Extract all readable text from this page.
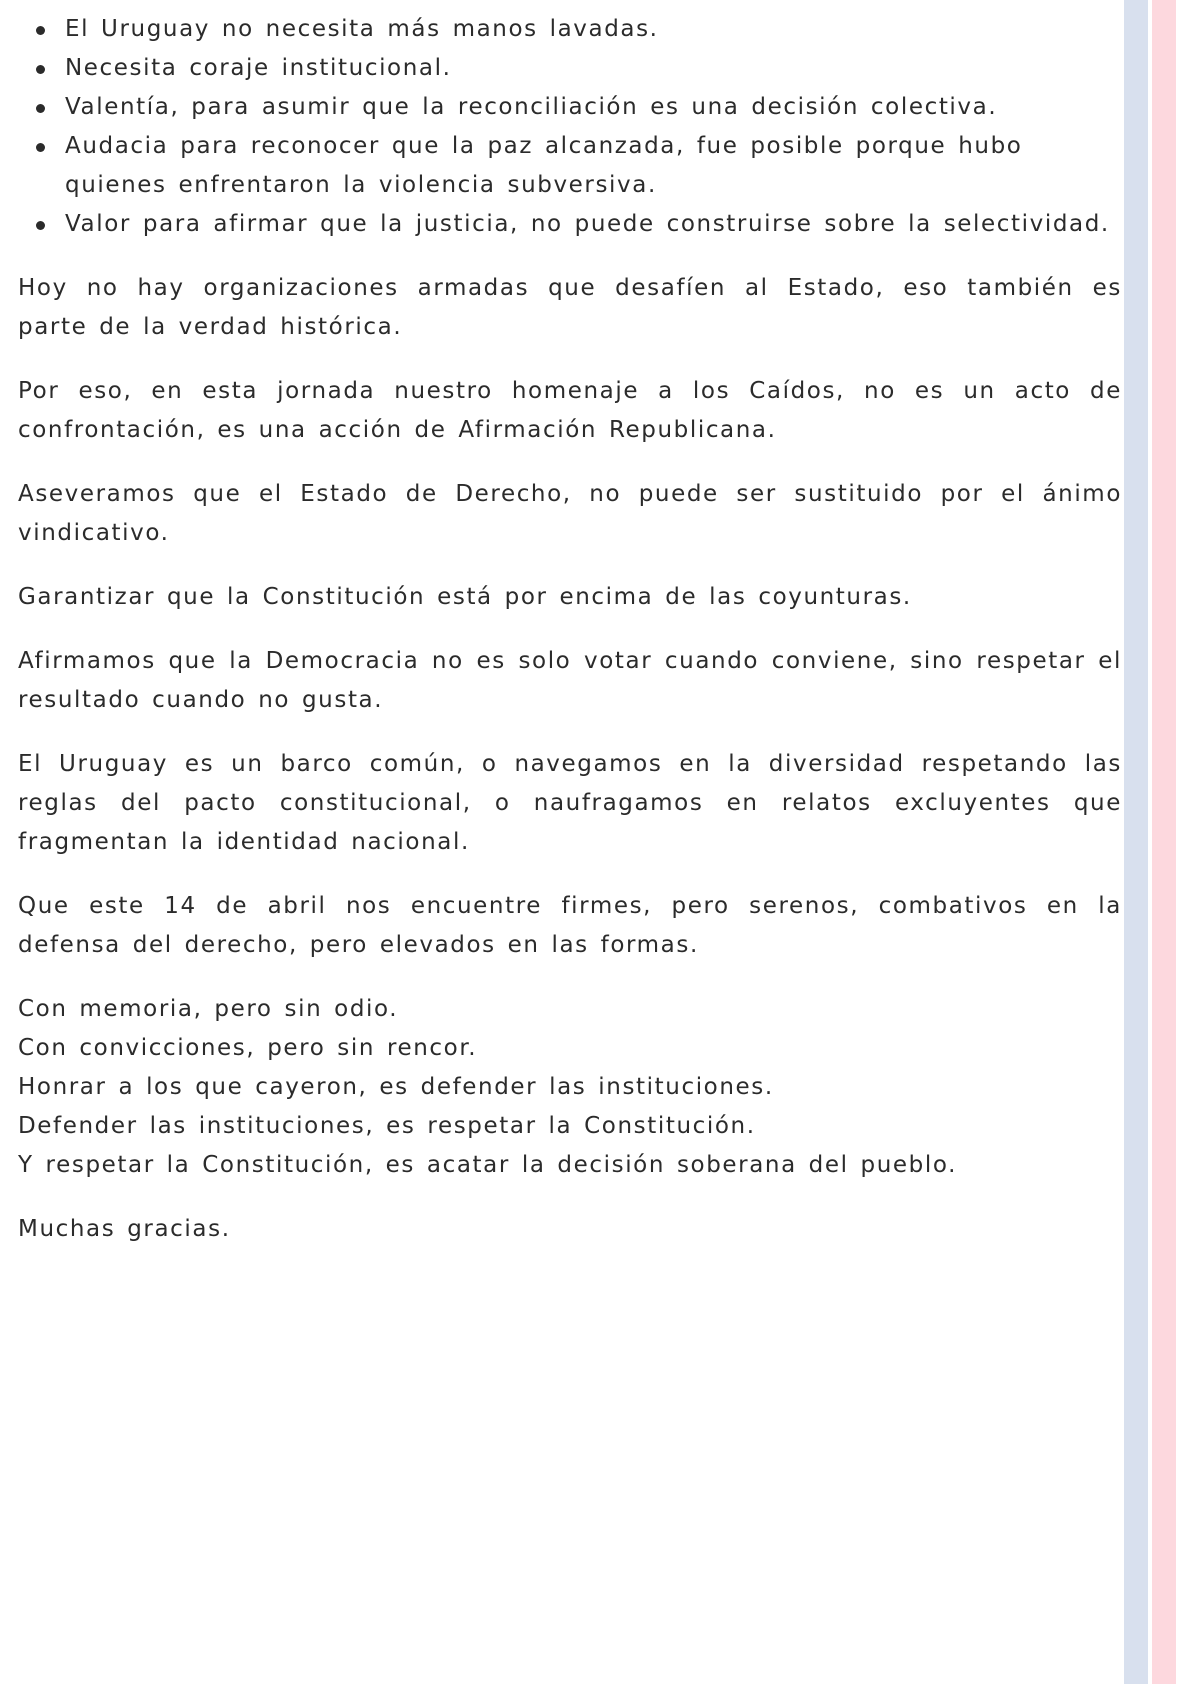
El Uruguay no necesita más manos lavadas.
Necesita coraje institucional.
Valentía, para asumir que la reconciliación es una decisión colectiva.
Audacia para reconocer que la paz alcanzada, fue posible porque hubo quienes enfrentaron la violencia subversiva.
Valor para afirmar que la justicia, no puede construirse sobre la selectividad.

Hoy no hay organizaciones armadas que desafíen al Estado, eso también es parte de la verdad histórica.

Por eso, en esta jornada nuestro homenaje a los Caídos, no es un acto de confrontación, es una acción de Afirmación Republicana.

Aseveramos que el Estado de Derecho, no puede ser sustituido por el ánimo vindicativo.

Garantizar que la Constitución está por encima de las coyunturas.

Afirmamos que la Democracia no es solo votar cuando conviene, sino respetar el resultado cuando no gusta.

El Uruguay es un barco común, o navegamos en la diversidad respetando las reglas del pacto constitucional, o naufragamos en relatos excluyentes que fragmentan la identidad nacional.

Que este 14 de abril nos encuentre firmes, pero serenos, combativos en la defensa del derecho, pero elevados en las formas.

Con memoria, pero sin odio.
Con convicciones, pero sin rencor.
Honrar a los que cayeron, es defender las instituciones.
Defender las instituciones, es respetar la Constitución.
Y respetar la Constitución, es acatar la decisión soberana del pueblo.

Muchas gracias.
